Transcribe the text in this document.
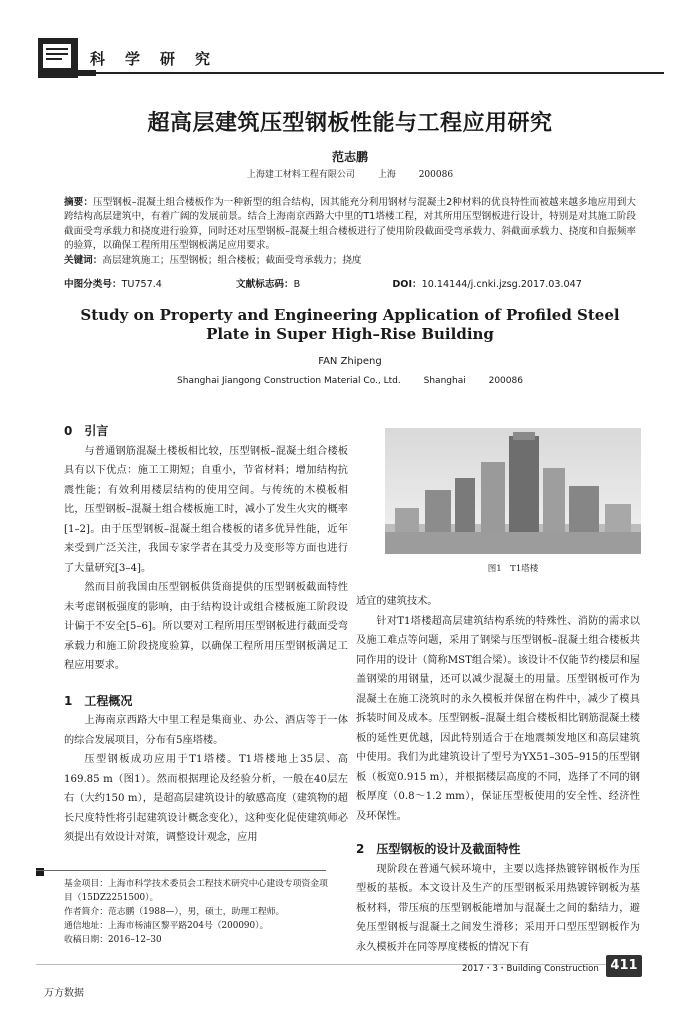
科学研究
超高层建筑压型钢板性能与工程应用研究
范志鹏
上海建工材料工程有限公司	上海	200086
摘要：压型钢板–混凝土组合楼板作为一种新型的组合结构，因其能充分利用钢材与混凝土2种材料的优良特性而被越来越多地应用到大跨结构高层建筑中，有着广阔的发展前景。结合上海南京西路大中里的T1塔楼工程，对其所用压型钢板进行设计，特别是对其施工阶段截面受弯承载力和挠度进行验算，同时还对压型钢板–混凝土组合楼板进行了使用阶段截面受弯承载力、斜截面承载力、挠度和自振频率的验算，以确保工程所用压型钢板满足应用要求。
关键词：高层建筑施工；压型钢板；组合楼板；截面受弯承载力；挠度
中图分类号：TU757.4	文献标志码：B	DOI：10.14144/j.cnki.jzsg.2017.03.047
Study on Property and Engineering Application of Profiled Steel
Plate in Super High–Rise Building
FAN Zhipeng
Shanghai Jiangong Construction Material Co., Ltd.	Shanghai	200086
0　引言

与普通钢筋混凝土楼板相比较，压型钢板–混凝土组合楼板具有以下优点：施工工期短；自重小，节省材料；增加结构抗震性能；有效利用楼层结构的使用空间。与传统的木模板相比，压型钢板–混凝土组合楼板施工时，减小了发生火灾的概率[1–2]。由于压型钢板–混凝土组合楼板的诸多优异性能，近年来受到广泛关注，我国专家学者在其受力及变形等方面也进行了大量研究[3–4]。

然而目前我国由压型钢板供货商提供的压型钢板截面特性未考虑钢板强度的影响，由于结构设计或组合楼板施工阶段设计偏于不安全[5–6]。所以要对工程所用压型钢板进行截面受弯承载力和施工阶段挠度验算，以确保工程所用压型钢板满足工程应用要求。

1　工程概况

上海南京西路大中里工程是集商业、办公、酒店等于一体的综合发展项目，分布有5座塔楼。

压型钢板成功应用于T1塔楼。T1塔楼地上35层、高169.85 m（图1）。然而根据理论及经验分析，一般在40层左右（大约150 m），是超高层建筑设计的敏感高度（建筑物的超长尺度特性将引起建筑设计概念变化），这种变化促使建筑师必须提出有效设计对策，调整设计观念，应用

图1　T1塔楼
适宜的建筑技术。

针对T1塔楼超高层建筑结构系统的特殊性、消防的需求以及施工难点等问题，采用了钢梁与压型钢板–混凝土组合楼板共同作用的设计（简称MST组合梁）。该设计不仅能节约楼层和屋盖钢梁的用钢量，还可以减少混凝土的用量。压型钢板可作为混凝土在施工浇筑时的永久模板并保留在构件中，减少了模具拆装时间及成本。压型钢板–混凝土组合楼板相比钢筋混凝土楼板的延性更优越，因此特别适合于在地震频发地区和高层建筑中使用。我们为此建筑设计了型号为YX51–305–915的压型钢板（板宽0.915 m），并根据楼层高度的不同，选择了不同的钢板厚度（0.8～1.2 mm），保证压型板使用的安全性、经济性及环保性。

2　压型钢板的设计及截面特性

现阶段在普通气候环境中，主要以选择热镀锌钢板作为压型板的基板。本文设计及生产的压型钢板采用热镀锌钢板为基板材料，带压痕的压型钢板能增加与混凝土之间的黏结力，避免压型钢板与混凝土之间发生滑移；采用开口型压型钢板作为永久模板并在同等厚度楼板的情况下有

基金项目：上海市科学技术委员会工程技术研究中心建设专项资金项目（15DZ2251500）。
作者简介：范志鹏（1988—），男，硕士，助理工程师。
通信地址：上海市杨浦区黎平路204号（200090）。
收稿日期：2016–12–30
2017・3・Building Construction 411
万方数据
